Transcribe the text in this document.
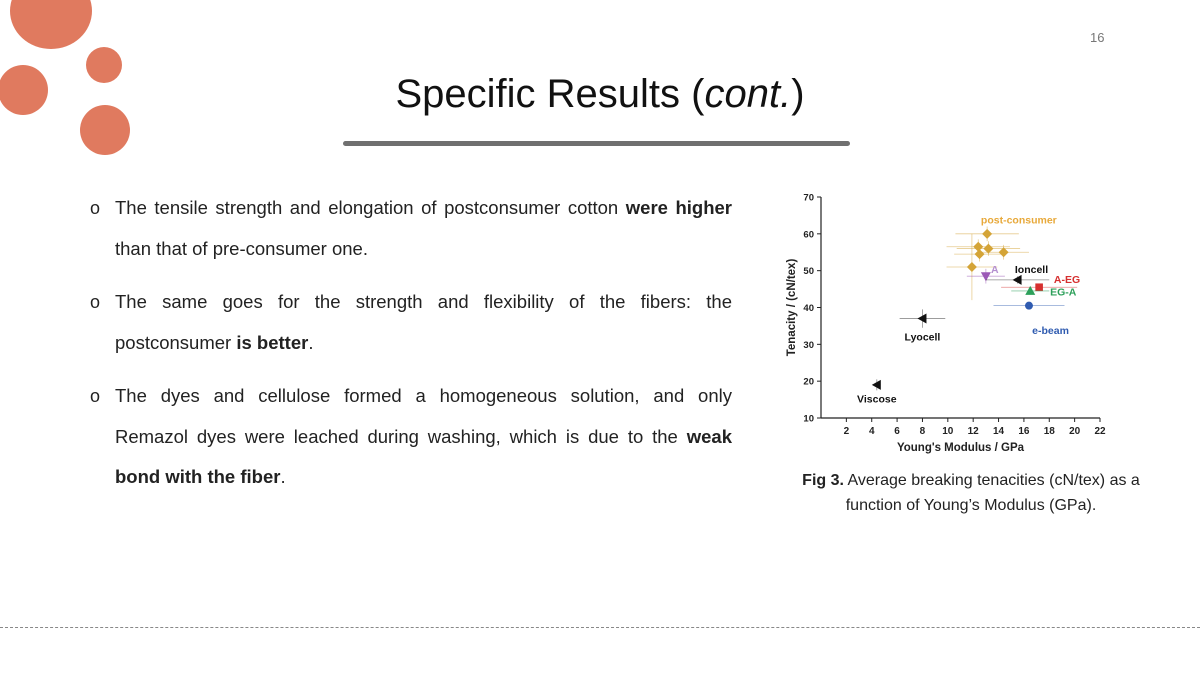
16
Specific Results (cont.)
o The tensile strength and elongation of postconsumer cotton were higher than that of pre-consumer one.
o The same goes for the strength and flexibility of the fibers: the postconsumer is better.
o The dyes and cellulose formed a homogeneous solution, and only Remazol dyes were leached during washing, which is due to the weak bond with the fiber.
10
20
30
40
50
60
70
2 4 6 8 10 12 14 16 18 20 22
Young's Modulus / GPa
Tenacity / (cN/tex)
Viscose
Lyocell
post-consumer
A Ioncell
A-EG
EG-A
e-beam
Fig 3. Average breaking tenacities (cN/tex) as a function of Young’s Modulus (GPa).
